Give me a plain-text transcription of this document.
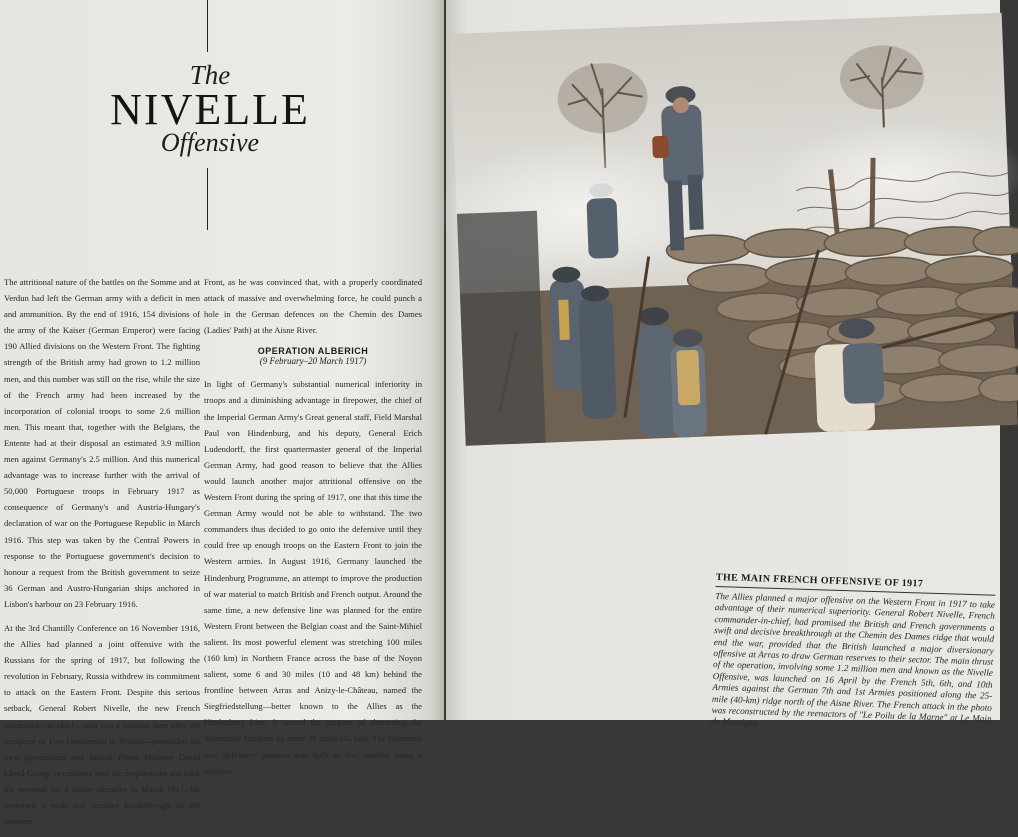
The
NIVELLE
Offensive

The attritional nature of the battles on the Somme and at Verdun had left the German army with a deficit in men and ammunition. By the end of 1916, 154 divisions of the army of the Kaiser (German Emperor) were facing 190 Allied divisions on the Western Front. The fighting strength of the British army had grown to 1.2 million men, and this number was still on the rise, while the size of the French army had been increased by the incorporation of colonial troops to some 2.6 million men. This meant that, together with the Belgians, the Entente had at their disposal an estimated 3.9 million men against Germany's 2.5 million. And this numerical advantage was to increase further with the arrival of 50,000 Portuguese troops in February 1917 as consequence of Germany's and Austria-Hungary's declaration of war on the Portuguese Republic in March 1916. This step was taken by the Central Powers in response to the Portuguese government's decision to honour a request from the British government to seize 36 German and Austro-Hungarian ships anchored in Lisbon's harbour on 23 February 1916.

At the 3rd Chantilly Conference on 16 November 1916, the Allies had planned a joint offensive with the Russians for the spring of 1917, but following the revolution in February, Russia withdrew its commitment to attack on the Eastern Front. Despite this serious setback, General Robert Nivelle, the new French commander-in-chief—who was a national hero after the recapture of Fort Douaumont at Verdun—persuaded his own government and British Prime Minister David Lloyd George to continue with the preparations and back his proposal for a major offensive in March 1917. He promised a swift and decisive breakthrough on the Western

Front, as he was convinced that, with a properly coordinated attack of massive and overwhelming force, he could punch a hole in the German defences on the Chemin des Dames (Ladies' Path) at the Aisne River.

OPERATION ALBERICH
(9 February–20 March 1917)

In light of Germany's substantial numerical inferiority in troops and a diminishing advantage in firepower, the chief of the Imperial German Army's Great general staff, Field Marshal Paul von Hindenburg, and his deputy, General Erich Ludendorff, the first quartermaster general of the Imperial German Army, had good reason to believe that the Allies would launch another major attritional offensive on the Western Front during the spring of 1917, one that this time the German Army would not be able to withstand. The two commanders thus decided to go onto the defensive until they could free up enough troops on the Eastern Front to join the Western armies. In August 1916, Germany launched the Hindenburg Programme, an attempt to improve the production of war material to match British and French output. Around the same time, a new defensive line was planned for the entire Western Front between the Belgian coast and the Saint-Mihiel salient. Its most powerful element was stretching 100 miles (160 km) in Northern France across the base of the Noyon salient, some 6 and 30 miles (10 and 48 km) behind the frontline between Arras and Anizy-le-Château, named the Siegfriedstellung—better known to the Allies as the Hindenburg Line. It served the purpose of shortening the defendable frontline by some 28 miles (45 km). The enormous new defensive position was built in five months using a massive

THE MAIN FRENCH OFFENSIVE OF 1917

The Allies planned a major offensive on the Western Front in 1917 to take advantage of their numerical superiority. General Robert Nivelle, French commander-in-chief, had promised the British and French governments a swift and decisive breakthrough at the Chemin des Dames ridge that would end the war, provided that the British launched a major diversionary offensive at Arras to draw German reserves to their sector. The main thrust of the operation, involving some 1.2 million men and known as the Nivelle Offensive, was launched on 16 April by the French 5th, 6th, and 10th Armies against the German 7th and 1st Armies positioned along the 25-mile (40-km) ridge north of the Aisne River. The French attack in the photo was reconstructed by the reenactors of "Le Poilu de la Marne" at Le Main de Massiges.
